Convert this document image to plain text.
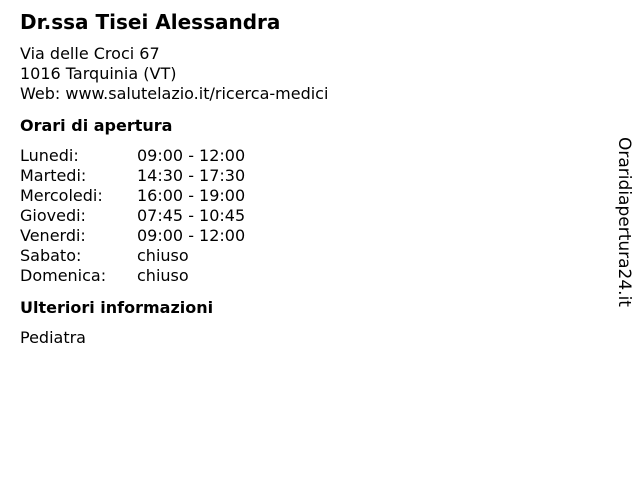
Dr.ssa Tisei Alessandra
Via delle Croci 67
1016 Tarquinia (VT)
Web: www.salutelazio.it/ricerca-medici
Orari di apertura
Lunedi:	09:00 - 12:00
Martedi:	14:30 - 17:30
Mercoledi:	16:00 - 19:00
Giovedi:	07:45 - 10:45
Venerdi:	09:00 - 12:00
Sabato:	chiuso
Domenica:	chiuso
Ulteriori informazioni
Pediatra
Oraridiapertura24.it
